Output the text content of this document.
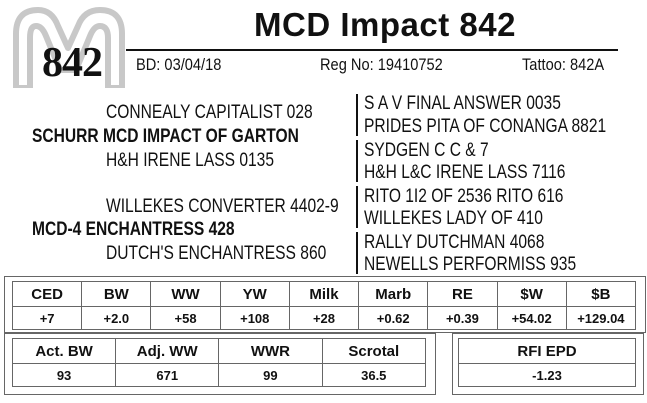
842
MCD Impact 842
BD: 03/04/18	Reg No: 19410752	Tattoo: 842A
CONNEALY CAPITALIST 028
SCHURR MCD IMPACT OF GARTON
H&H IRENE LASS 0135
WILLEKES CONVERTER 4402-9
MCD-4 ENCHANTRESS 428
DUTCH'S ENCHANTRESS 860
S A V FINAL ANSWER 0035
PRIDES PITA OF CONANGA 8821
SYDGEN C C & 7
H&H L&C IRENE LASS 7116
RITO 1I2 OF 2536 RITO 616
WILLEKES LADY OF 410
RALLY DUTCHMAN 4068
NEWELLS PERFORMISS 935
CED	BW	WW	YW	Milk	Marb	RE	$W	$B
+7	+2.0	+58	+108	+28	+0.62	+0.39	+54.02	+129.04
Act. BW	Adj. WW	WWR	Scrotal
93	671	99	36.5
RFI EPD
-1.23
